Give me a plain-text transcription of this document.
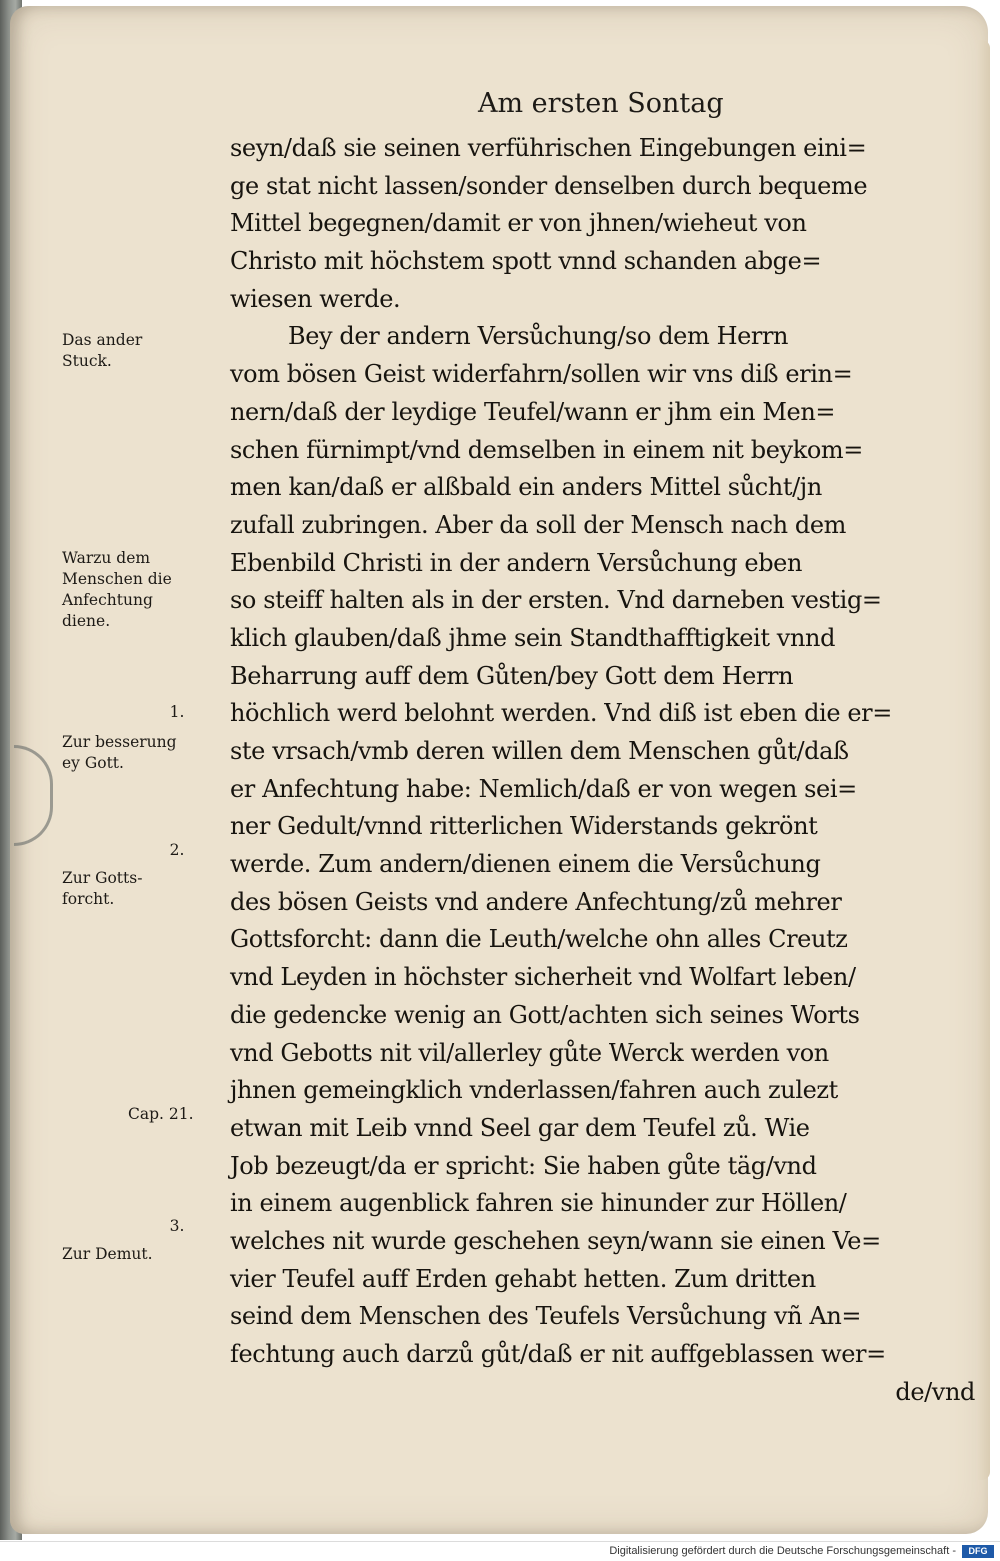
Am ersten Sontag
seyn/daß sie seinen verführischen Eingebungen eini=
ge stat nicht lassen/sonder denselben durch bequeme
Mittel begegnen/damit er von jhnen/wieheut von
Christo mit höchstem spott vnnd schanden abge=
wiesen werde.
Bey der andern Versůchung/so dem Herrn
vom bösen Geist widerfahrn/sollen wir vns diß erin=
nern/daß der leydige Teufel/wann er jhm ein Men=
schen fürnimpt/vnd demselben in einem nit beykom=
men kan/daß er alßbald ein anders Mittel sůcht/jn
zufall zubringen. Aber da soll der Mensch nach dem
Ebenbild Christi in der andern Versůchung eben
so steiff halten als in der ersten. Vnd darneben vestig=
klich glauben/daß jhme sein Standthafftigkeit vnnd
Beharrung auff dem Gůten/bey Gott dem Herrn
höchlich werd belohnt werden. Vnd diß ist eben die er=
ste vrsach/vmb deren willen dem Menschen gůt/daß
er Anfechtung habe: Nemlich/daß er von wegen sei=
ner Gedult/vnnd ritterlichen Widerstands gekrönt
werde. Zum andern/dienen einem die Versůchung
des bösen Geists vnd andere Anfechtung/zů mehrer
Gottsforcht: dann die Leuth/welche ohn alles Creutz
vnd Leyden in höchster sicherheit vnd Wolfart leben/
die gedencke wenig an Gott/achten sich seines Worts
vnd Gebotts nit vil/allerley gůte Werck werden von
jhnen gemeingklich vnderlassen/fahren auch zulezt
etwan mit Leib vnnd Seel gar dem Teufel zů. Wie
Job bezeugt/da er spricht: Sie haben gůte täg/vnd
in einem augenblick fahren sie hinunder zur Höllen/
welches nit wurde geschehen seyn/wann sie einen Ve=
vier Teufel auff Erden gehabt hetten. Zum dritten
seind dem Menschen des Teufels Versůchung vñ An=
fechtung auch darzů gůt/daß er nit auffgeblassen wer=
de/vnd
Das ander
Stuck.
Warzu dem
Menschen die
Anfechtung
diene.
1.
Zur besserung
ey Gott.
2.
Zur Gotts-
forcht.
Cap. 21.
3.
Zur Demut.
Digitalisierung gefördert durch die Deutsche Forschungsgemeinschaft -	DFG
